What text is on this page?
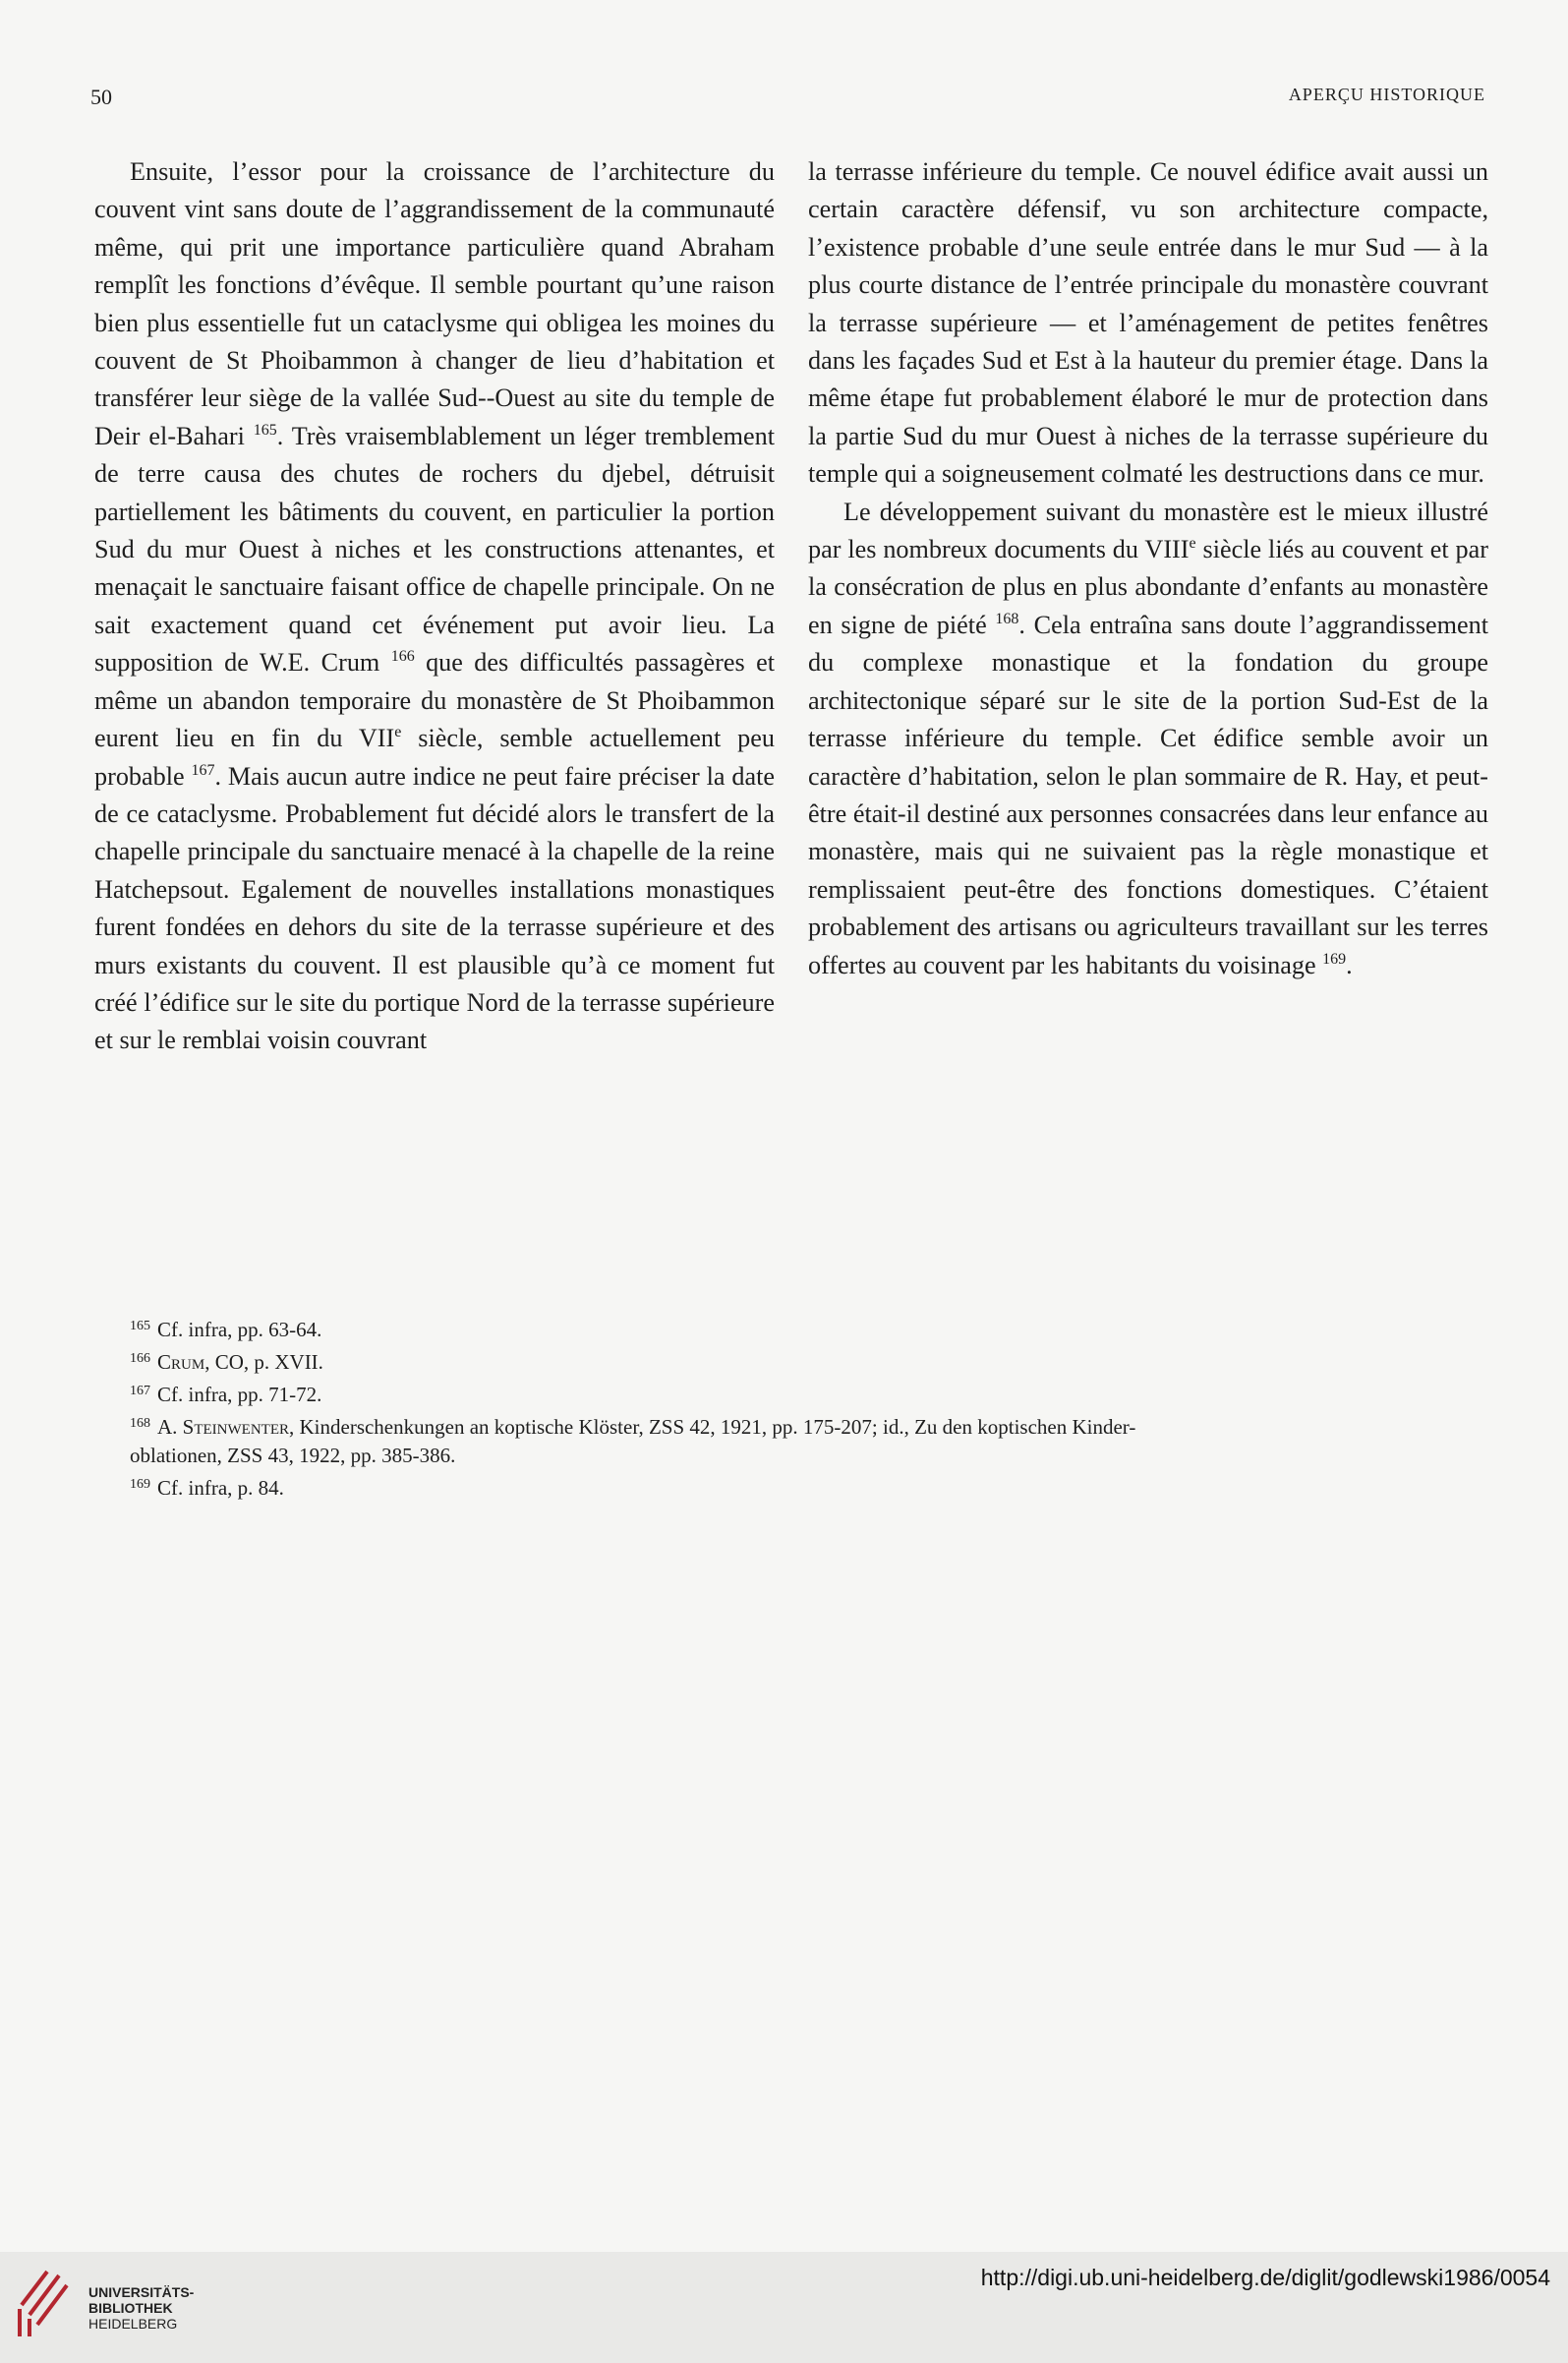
50	APERÇU HISTORIQUE

Ensuite, l’essor pour la croissance de l’architecture du couvent vint sans doute de l’aggrandissement de la communauté même, qui prit une importance particulière quand Abraham remplît les fonctions d’évêque. Il semble pourtant qu’une raison bien plus essentielle fut un cataclysme qui obligea les moines du couvent de St Phoibammon à changer de lieu d’habitation et transférer leur siège de la vallée Sud--Ouest au site du temple de Deir el-Bahari $^{165}$. Très vraisemblablement un léger tremblement de terre causa des chutes de rochers du djebel, détruisit partiellement les bâtiments du couvent, en particulier la portion Sud du mur Ouest à niches et les constructions attenantes, et menaçait le sanctuaire faisant office de chapelle principale. On ne sait exactement quand cet événement put avoir lieu. La supposition de W.E. Crum $^{166}$ que des difficultés passagères et même un abandon temporaire du monastère de St Phoibammon eurent lieu en fin du VIIe siècle, semble actuellement peu probable $^{167}$. Mais aucun autre indice ne peut faire préciser la date de ce cataclysme. Probablement fut décidé alors le transfert de la chapelle principale du sanctuaire menacé à la chapelle de la reine Hatchepsout. Egalement de nouvelles installations monastiques furent fondées en dehors du site de la terrasse supérieure et des murs existants du couvent. Il est plausible qu’à ce moment fut créé l’édifice sur le site du portique Nord de la terrasse supérieure et sur le remblai voisin couvrant

la terrasse inférieure du temple. Ce nouvel édifice avait aussi un certain caractère défensif, vu son architecture compacte, l’existence probable d’une seule entrée dans le mur Sud — à la plus courte distance de l’entrée principale du monastère couvrant la terrasse supérieure — et l’aménagement de petites fenêtres dans les façades Sud et Est à la hauteur du premier étage. Dans la même étape fut probablement élaboré le mur de protection dans la partie Sud du mur Ouest à niches de la terrasse supérieure du temple qui a soigneusement colmaté les destructions dans ce mur.

Le développement suivant du monastère est le mieux illustré par les nombreux documents du VIIIe siècle liés au couvent et par la consécration de plus en plus abondante d’enfants au monastère en signe de piété $^{168}$. Cela entraîna sans doute l’aggrandissement du complexe monastique et la fondation du groupe architectonique séparé sur le site de la portion Sud-Est de la terrasse inférieure du temple. Cet édifice semble avoir un caractère d’habitation, selon le plan sommaire de R. Hay, et peut-être était-il destiné aux personnes consacrées dans leur enfance au monastère, mais qui ne suivaient pas la règle monastique et remplissaient peut-être des fonctions domestiques. C’étaient probablement des artisans ou agriculteurs travaillant sur les terres offertes au couvent par les habitants du voisinage $^{169}$.

$^{165}$ Cf. infra, pp. 63-64.

$^{166}$ Crum, CO, p. XVII.

$^{167}$ Cf. infra, pp. 71-72.

$^{168}$ A. Steinwenter, Kinderschenkungen an koptische Klöster, ZSS 42, 1921, pp. 175-207; id., Zu den koptischen Kinder-

oblationen, ZSS 43, 1922, pp. 385-386.

$^{169}$ Cf. infra, p. 84.

UNIVERSITÄTS-
BIBLIOTHEK
HEIDELBERG
http://digi.ub.uni-heidelberg.de/diglit/godlewski1986/0054
